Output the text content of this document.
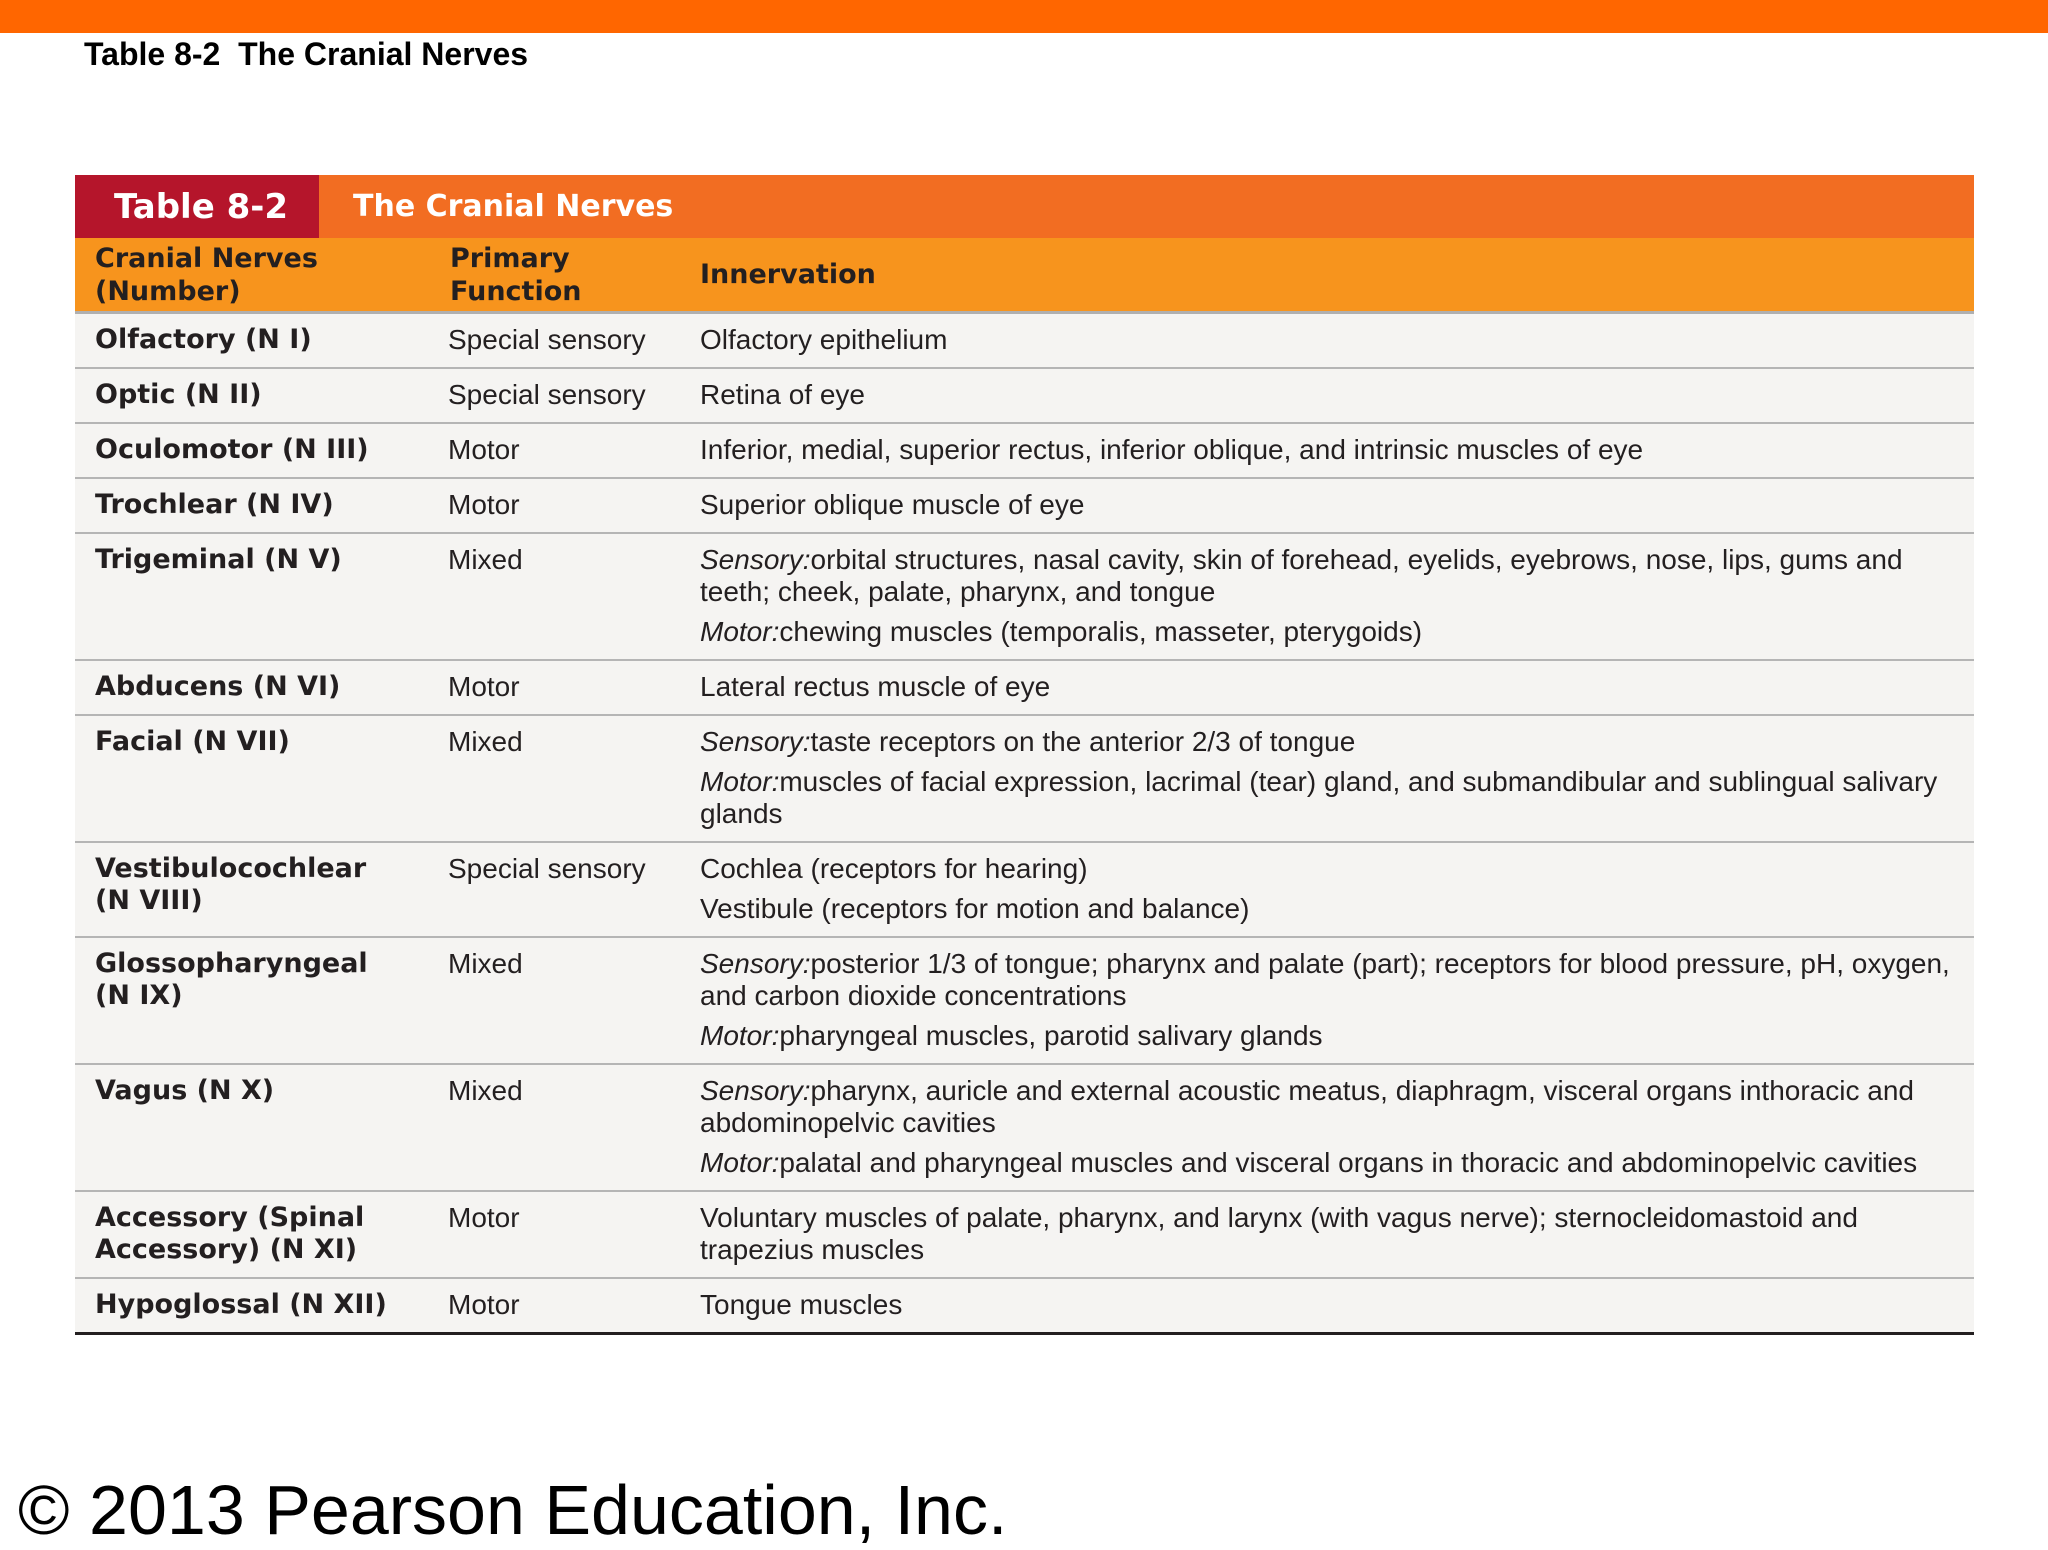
Table 8-2  The Cranial Nerves
Table 8-2	The Cranial Nerves
Cranial Nerves (Number)	Primary Function	Innervation

Olfactory (N I)	Special sensory	Olfactory epithelium

Optic (N II)	Special sensory	Retina of eye

Oculomotor (N III)	Motor	Inferior, medial, superior rectus, inferior oblique, and intrinsic muscles of eye

Trochlear (N IV)	Motor	Superior oblique muscle of eye

Trigeminal (N V)	Mixed	Sensory:orbital structures, nasal cavity, skin of forehead, eyelids, eyebrows, nose, lips, gums and teeth; cheek, palate, pharynx, and tongue
Motor:chewing muscles (temporalis, masseter, pterygoids)

Abducens (N VI)	Motor	Lateral rectus muscle of eye

Facial (N VII)	Mixed	Sensory:taste receptors on the anterior 2/3 of tongue
Motor:muscles of facial expression, lacrimal (tear) gland, and submandibular and sublingual salivary glands

Vestibulocochlear (N VIII)	Special sensory	Cochlea (receptors for hearing)
Vestibule (receptors for motion and balance)

Glossopharyngeal (N IX)	Mixed	Sensory:posterior 1/3 of tongue; pharynx and palate (part); receptors for blood pressure, pH, oxygen, and carbon dioxide concentrations
Motor:pharyngeal muscles, parotid salivary glands

Vagus (N X)	Mixed	Sensory:pharynx, auricle and external acoustic meatus, diaphragm, visceral organs inthoracic and abdominopelvic cavities
Motor:palatal and pharyngeal muscles and visceral organs in thoracic and abdominopelvic cavities

Accessory (Spinal Accessory) (N XI)	Motor	Voluntary muscles of palate, pharynx, and larynx (with vagus nerve); sternocleidomastoid and trapezius muscles

Hypoglossal (N XII)	Motor	Tongue muscles
© 2013 Pearson Education, Inc.
